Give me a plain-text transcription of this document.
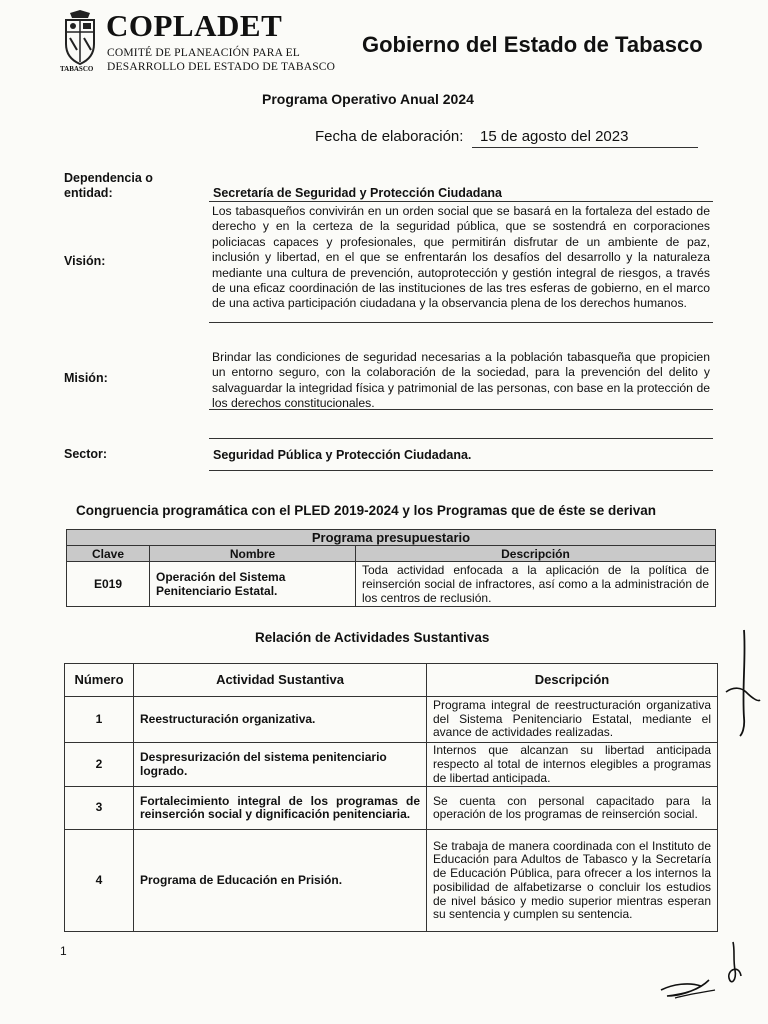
TABASCO
COPLADET
COMITÉ DE PLANEACIÓN PARA EL
DESARROLLO DEL ESTADO DE TABASCO
Gobierno del Estado de Tabasco
Programa Operativo Anual 2024
Fecha de elaboración: 15 de agosto del 2023
Dependencia o entidad:	Secretaría de Seguridad y Protección Ciudadana
Visión:
Los tabasqueños convivirán en un orden social que se basará en la fortaleza del estado de derecho y en la certeza de la seguridad pública, que se sostendrá en corporaciones policiacas capaces y profesionales, que permitirán disfrutar de un ambiente de paz, inclusión y libertad, en el que se enfrentarán los desafíos del desarrollo y la naturaleza mediante una cultura de prevención, autoprotección y gestión integral de riesgos, a través de una eficaz coordinación de las instituciones de las tres esferas de gobierno, en el marco de una activa participación ciudadana y la observancia plena de los derechos humanos.
Misión:
Brindar las condiciones de seguridad necesarias a la población tabasqueña que propicien un entorno seguro, con la colaboración de la sociedad, para la prevención del delito y salvaguardar la integridad física y patrimonial de las personas, con base en la protección de los derechos constitucionales.
Sector:	Seguridad Pública y Protección Ciudadana.
Congruencia programática con el PLED 2019-2024 y los Programas que de éste se derivan
Programa presupuestario		
Clave	Nombre	Descripción
E019	Operación del Sistema Penitenciario Estatal.	Toda actividad enfocada a la aplicación de la política de reinserción social de infractores, así como a la administración de los centros de reclusión.
Relación de Actividades Sustantivas
Número	Actividad Sustantiva	Descripción
1	Reestructuración organizativa.	Programa integral de reestructuración organizativa del Sistema Penitenciario Estatal, mediante el avance de actividades realizadas.
2	Despresurización del sistema penitenciario logrado.	Internos que alcanzan su libertad anticipada respecto al total de internos elegibles a programas de libertad anticipada.
3	Fortalecimiento integral de los programas de reinserción social y dignificación penitenciaria.	Se cuenta con personal capacitado para la operación de los programas de reinserción social.
4	Programa de Educación en Prisión.	Se trabaja de manera coordinada con el Instituto de Educación para Adultos de Tabasco y la Secretaría de Educación Pública, para ofrecer a los internos la posibilidad de alfabetizarse o concluir los estudios de nivel básico y medio superior mientras esperan su sentencia y cumplen su sentencia.
1
